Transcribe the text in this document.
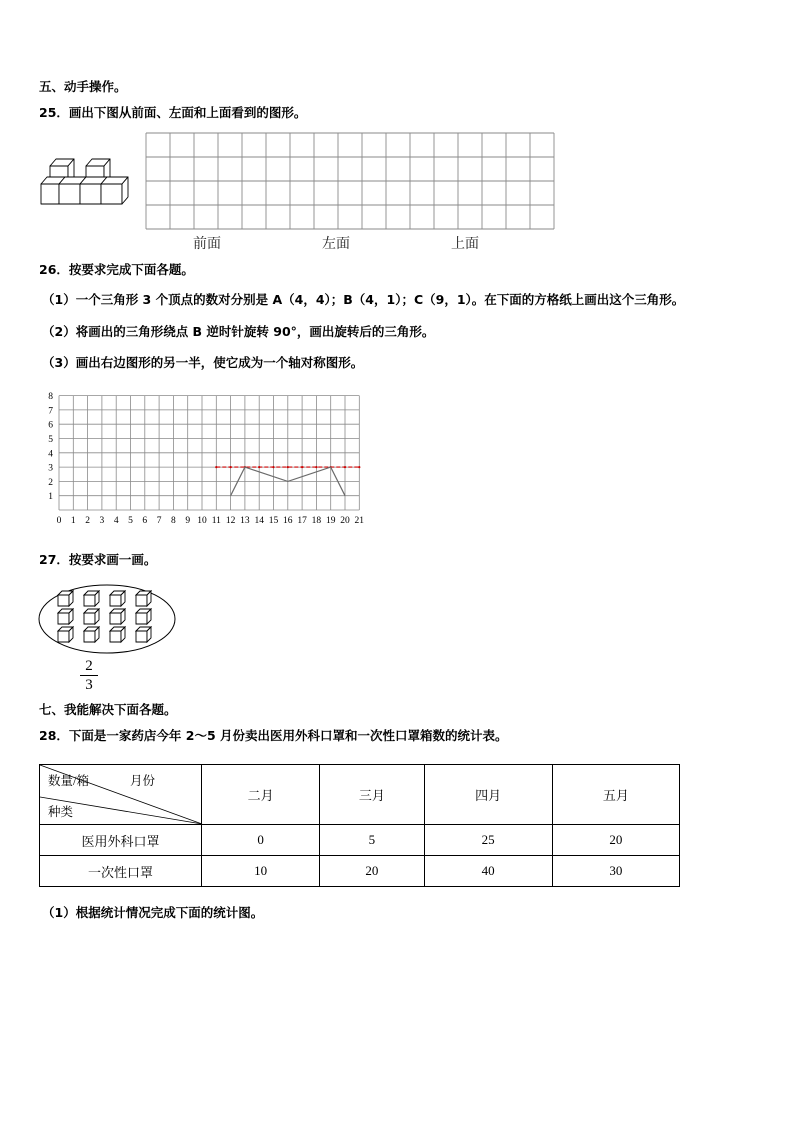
五、动手操作。
25．画出下图从前面、左面和上面看到的图形。
前面	左面	上面
26．按要求完成下面各题。
（1）一个三角形 3 个顶点的数对分别是 A（4，4）；B（4，1）；C（9，1）。在下面的方格纸上画出这个三角形。
（2）将画出的三角形绕点 B 逆时针旋转 90°，画出旋转后的三角形。
（3）画出右边图形的另一半，使它成为一个轴对称图形。
0 1 2 3 4 5 6 7 8 9 10 11 12 13 14 15 16 17 18 19 20 21
1
2
3
4
5
6
7
8
27．按要求画一画。
2
3
七、我能解决下面各题。
28．下面是一家药店今年 2～5 月份卖出医用外科口罩和一次性口罩箱数的统计表。
数量/箱 月份
种类	二月	三月	四月	五月
医用外科口罩	0	5	25	20
一次性口罩	10	20	40	30
（1）根据统计情况完成下面的统计图。
